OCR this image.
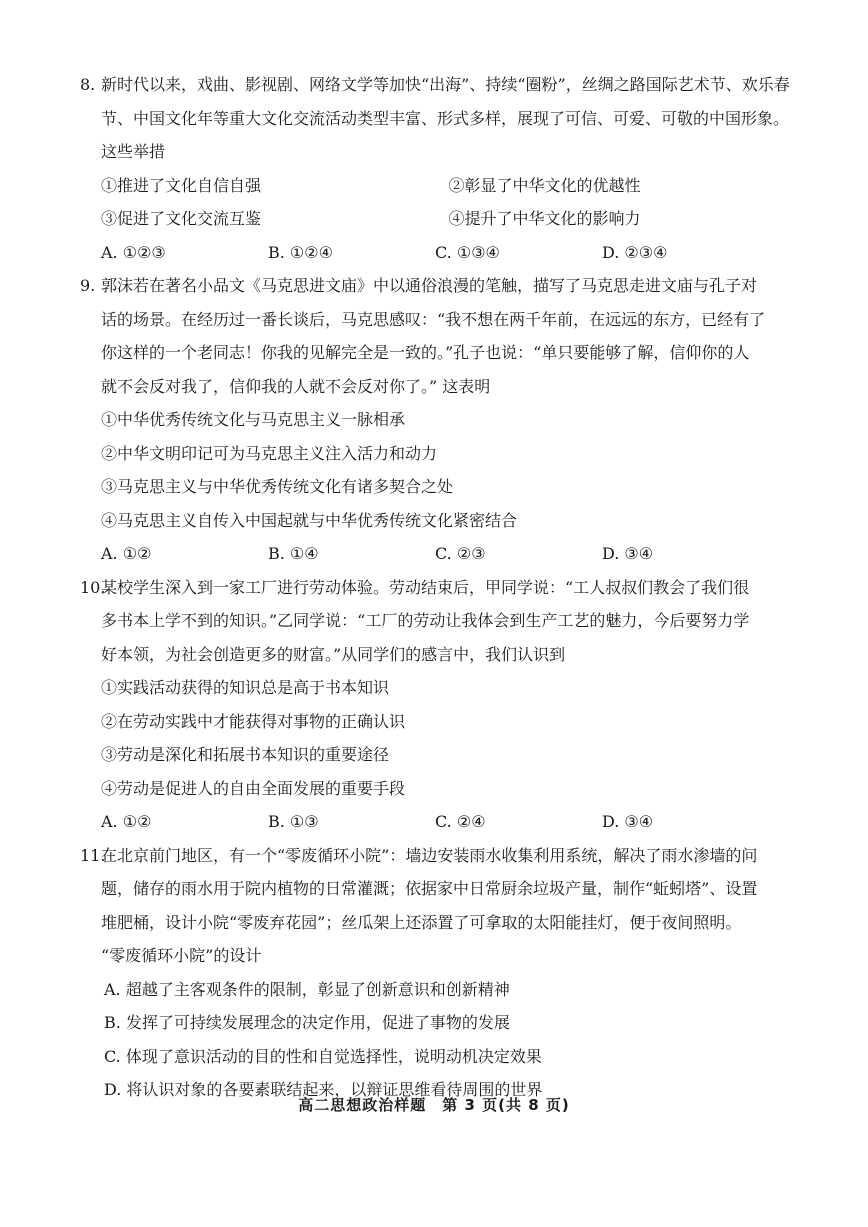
8. 新时代以来，戏曲、影视剧、网络文学等加快“出海”、持续“圈粉”，丝绸之路国际艺术节、欢乐春
节、中国文化年等重大文化交流活动类型丰富、形式多样，展现了可信、可爱、可敬的中国形象。
这些举措
①推进了文化自信自强	②彰显了中华文化的优越性
③促进了文化交流互鉴	④提升了中华文化的影响力
A. ①②③	B. ①②④	C. ①③④	D. ②③④
9. 郭沫若在著名小品文《马克思进文庙》中以通俗浪漫的笔触，描写了马克思走进文庙与孔子对
话的场景。在经历过一番长谈后，马克思感叹：“我不想在两千年前，在远远的东方，已经有了
你这样的一个老同志！你我的见解完全是一致的。”孔子也说：“单只要能够了解，信仰你的人
就不会反对我了，信仰我的人就不会反对你了。” 这表明
①中华优秀传统文化与马克思主义一脉相承
②中华文明印记可为马克思主义注入活力和动力
③马克思主义与中华优秀传统文化有诸多契合之处
④马克思主义自传入中国起就与中华优秀传统文化紧密结合
A. ①②	B. ①④	C. ②③	D. ③④
10.
某校学生深入到一家工厂进行劳动体验。劳动结束后，甲同学说：“工人叔叔们教会了我们很
多书本上学不到的知识。”乙同学说：“工厂的劳动让我体会到生产工艺的魅力，今后要努力学
好本领，为社会创造更多的财富。”从同学们的感言中，我们认识到
①实践活动获得的知识总是高于书本知识
②在劳动实践中才能获得对事物的正确认识
③劳动是深化和拓展书本知识的重要途径
④劳动是促进人的自由全面发展的重要手段
A. ①②	B. ①③	C. ②④	D. ③④
11.
在北京前门地区，有一个“零废循环小院”：墙边安装雨水收集利用系统，解决了雨水渗墙的问
题，储存的雨水用于院内植物的日常灌溉；依据家中日常厨余垃圾产量，制作“蚯蚓塔”、设置
堆肥桶，设计小院“零废弃花园”；丝瓜架上还添置了可拿取的太阳能挂灯，便于夜间照明。
“零废循环小院”的设计
A. 超越了主客观条件的限制，彰显了创新意识和创新精神
B. 发挥了可持续发展理念的决定作用，促进了事物的发展
C. 体现了意识活动的目的性和自觉选择性，说明动机决定效果
D. 将认识对象的各要素联结起来，以辩证思维看待周围的世界
高二思想政治样题　第 3 页(共 8 页)
